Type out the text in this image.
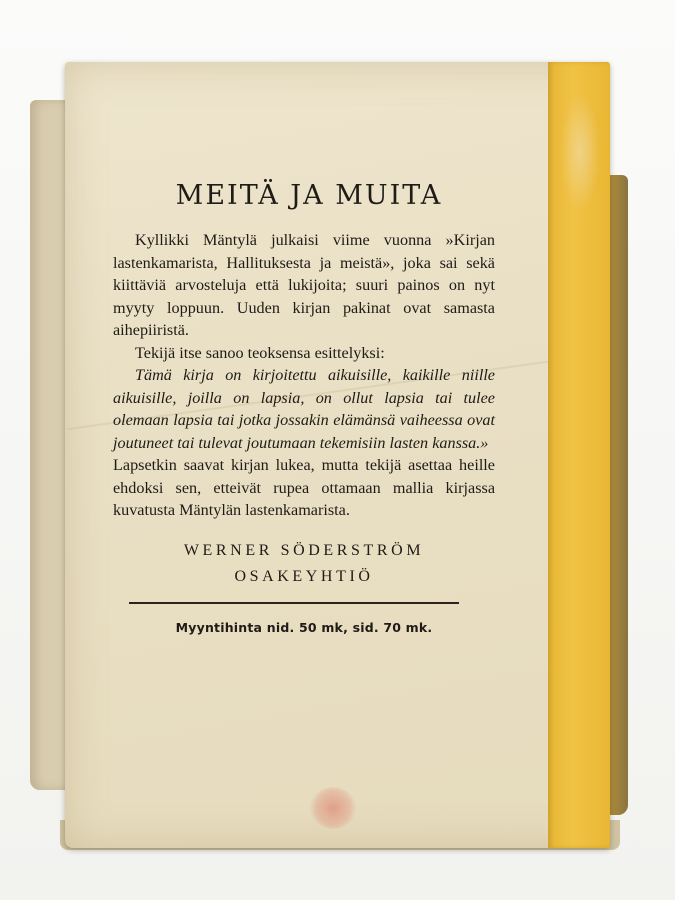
MEITÄ JA MUITA

Kyllikki Mäntylä julkaisi viime vuonna »Kirjan lastenkamarista, Hallituksesta ja meistä», joka sai sekä kiittäviä arvosteluja että lukijoita; suuri painos on nyt myyty loppuun. Uuden kirjan pakinat ovat samasta aihepiiristä.

Tekijä itse sanoo teoksensa esittelyksi:

Tämä kirja on kirjoitettu aikuisille, kaikille niille aikuisille, joilla on lapsia, on ollut lapsia tai tulee olemaan lapsia tai jotka jossakin elämänsä vaiheessa ovat joutuneet tai tulevat joutumaan tekemisiin lasten kanssa.»

Lapsetkin saavat kirjan lukea, mutta tekijä asettaa heille ehdoksi sen, etteivät rupea ottamaan mallia kirjassa kuvatusta Mäntylän lastenkamarista.

WERNER SÖDERSTRÖM
OSAKEYHTIÖ
Myyntihinta nid. 50 mk, sid. 70 mk.
